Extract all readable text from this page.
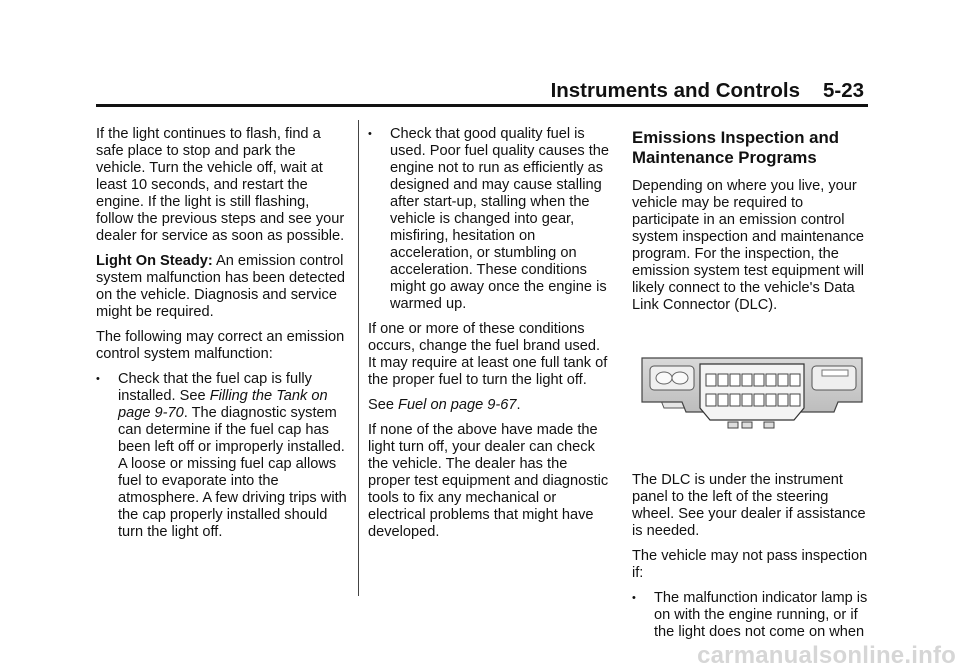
Instruments and Controls 5-23

If the light continues to flash, find a safe place to stop and park the vehicle. Turn the vehicle off, wait at least 10 seconds, and restart the engine. If the light is still flashing, follow the previous steps and see your dealer for service as soon as possible.

Light On Steady: An emission control system malfunction has been detected on the vehicle. Diagnosis and service might be required.

The following may correct an emission control system malfunction:

• Check that the fuel cap is fully installed. See Filling the Tank on page 9-70. The diagnostic system can determine if the fuel cap has been left off or improperly installed. A loose or missing fuel cap allows fuel to evaporate into the atmosphere. A few driving trips with the cap properly installed should turn the light off.
• Check that good quality fuel is used. Poor fuel quality causes the engine not to run as efficiently as designed and may cause stalling after start-up, stalling when the vehicle is changed into gear, misfiring, hesitation on acceleration, or stumbling on acceleration. These conditions might go away once the engine is warmed up.

If one or more of these conditions occurs, change the fuel brand used. It may require at least one full tank of the proper fuel to turn the light off.

See Fuel on page 9-67.

If none of the above have made the light turn off, your dealer can check the vehicle. The dealer has the proper test equipment and diagnostic tools to fix any mechanical or electrical problems that might have developed.

Emissions Inspection and Maintenance Programs

Depending on where you live, your vehicle may be required to participate in an emission control system inspection and maintenance program. For the inspection, the emission system test equipment will likely connect to the vehicle's Data Link Connector (DLC).

The DLC is under the instrument panel to the left of the steering wheel. See your dealer if assistance is needed.

The vehicle may not pass inspection if:

• The malfunction indicator lamp is on with the engine running, or if the light does not come on when
carmanualsonline.info
